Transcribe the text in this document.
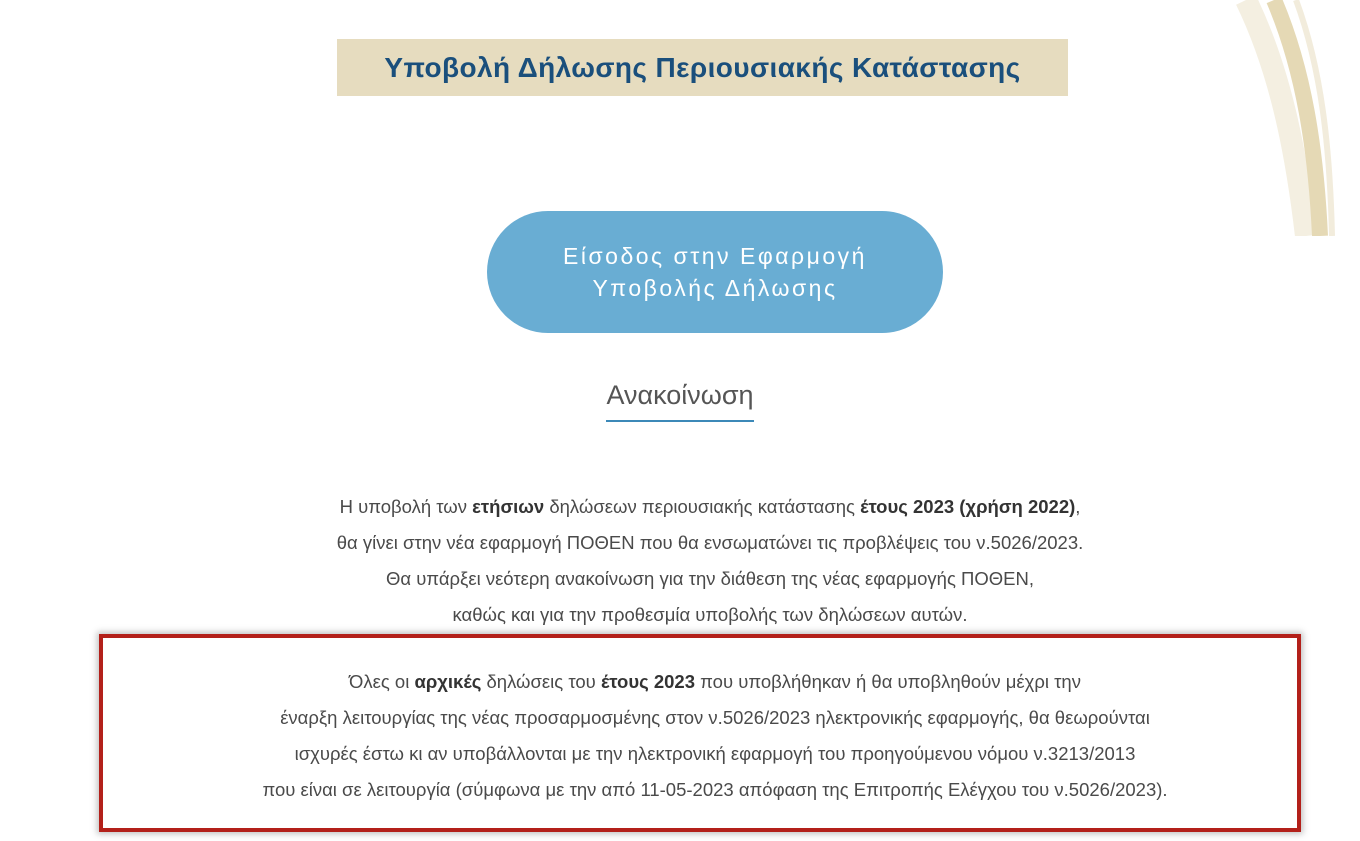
Υποβολή Δήλωσης Περιουσιακής Κατάστασης
Είσοδος στην Εφαρμογή
Υποβολής Δήλωσης
Ανακοίνωση

Η υποβολή των ετήσιων δηλώσεων περιουσιακής κατάστασης έτους 2023 (χρήση 2022),

θα γίνει στην νέα εφαρμογή ΠΟΘΕΝ που θα ενσωματώνει τις προβλέψεις του ν.5026/2023.

Θα υπάρξει νεότερη ανακοίνωση για την διάθεση της νέας εφαρμογής ΠΟΘΕΝ,

καθώς και για την προθεσμία υποβολής των δηλώσεων αυτών.

Όλες οι αρχικές δηλώσεις του έτους 2023 που υποβλήθηκαν ή θα υποβληθούν μέχρι την

έναρξη λειτουργίας της νέας προσαρμοσμένης στον ν.5026/2023 ηλεκτρονικής εφαρμογής, θα θεωρούνται

ισχυρές έστω κι αν υποβάλλονται με την ηλεκτρονική εφαρμογή του προηγούμενου νόμου ν.3213/2013

που είναι σε λειτουργία (σύμφωνα με την από 11-05-2023 απόφαση της Επιτροπής Ελέγχου του ν.5026/2023).
